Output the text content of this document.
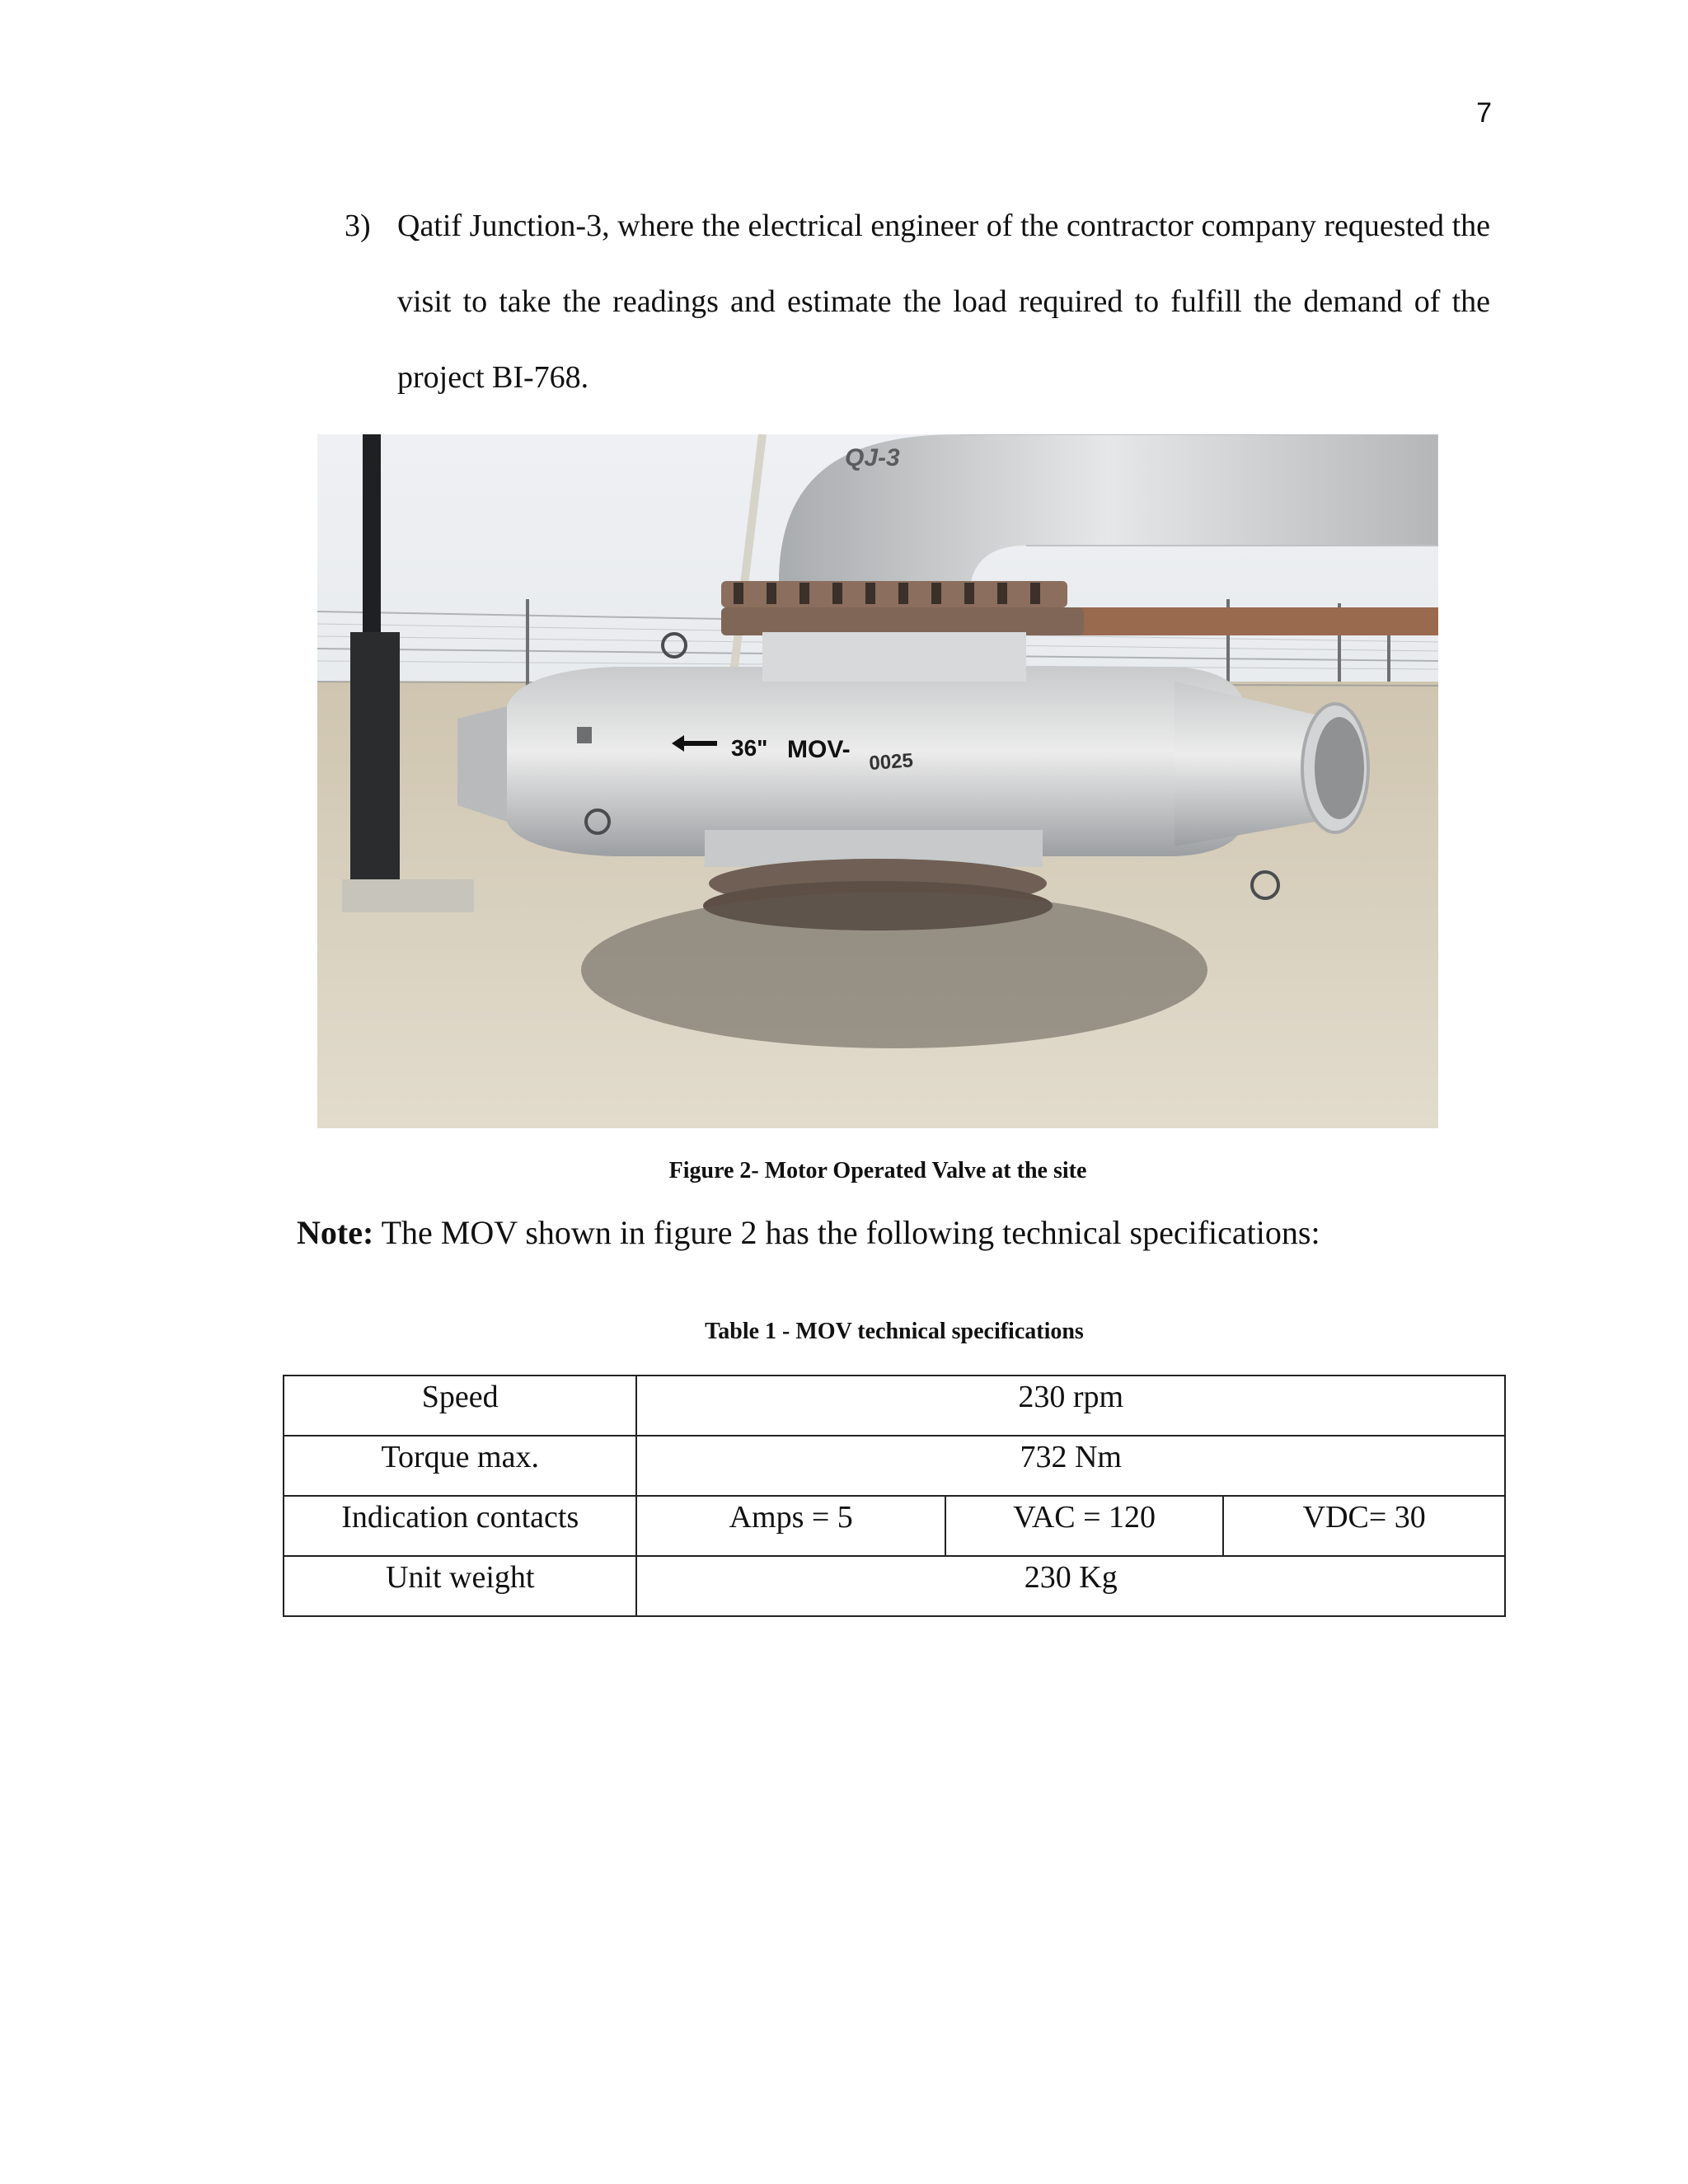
7
3) Qatif Junction-3, where the electrical engineer of the contractor company requested the visit to take the readings and estimate the load required to fulfill the demand of the project BI-768.
QJ-3
36" MOV- 0025
Figure 2- Motor Operated Valve at the site
Note: The MOV shown in figure 2 has the following technical specifications:
Table 1 - MOV technical specifications
Speed	230 rpm		
Torque max.	732 Nm		
Indication contacts	Amps = 5	VAC = 120	VDC= 30
Unit weight	230 Kg		
